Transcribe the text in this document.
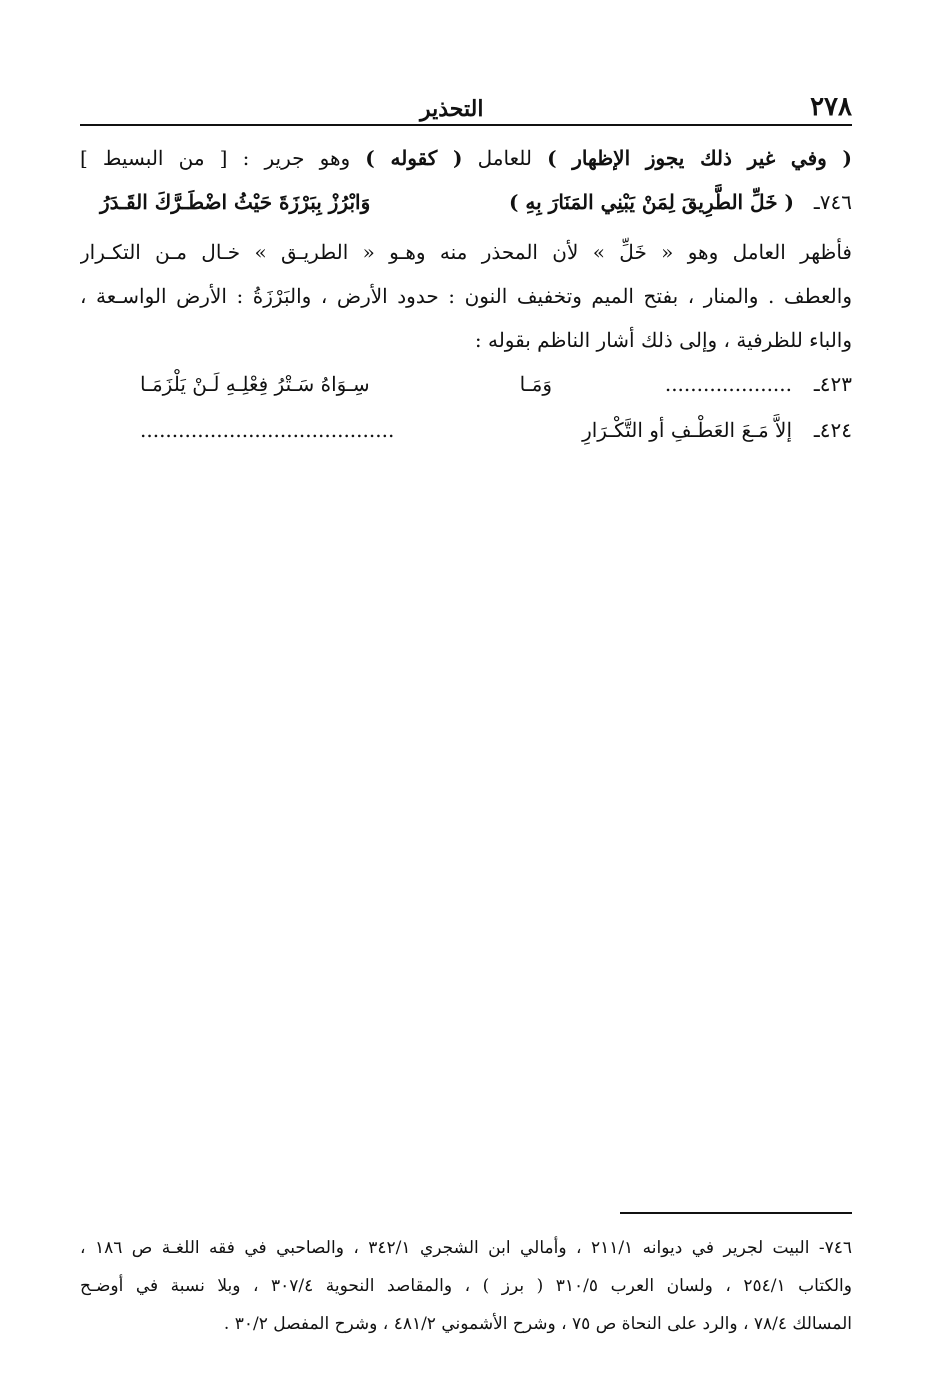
٢٧٨
التحذير
( وفي غير ذلك يجوز الإظهار ) للعامل ( كقوله ) وهو جرير : [ من البسيط ]
٧٤٦ـ
( خَلِّ الطَّرِيقَ لِمَنْ يَبْنِي المَنَارَ بِهِ )
وَابْرُزْ بِبَرْزَةَ حَيْثُ اضْطَـرَّكَ القَـدَرُ
فأظهر العامل وهو « خَلِّ » لأن المحذر منه وهـو « الطريـق » خـال مـن التكـرار
والعطف . والمنار ، بفتح الميم وتخفيف النون : حدود الأرض ، والبَرْزَةُ : الأرض الواسـعة ،
والباء للظرفية ، وإلى ذلك أشار الناظم بقوله :
٤٢٣ـ
....................
وَمَـا
سِـوَاهُ سَـتْرُ فِعْلِـهِ لَـنْ يَلْزَمَـا
٤٢٤ـ
إلاَّ مَـعَ العَطْـفِ أو التَّكْـرَارِ
........................................
٧٤٦- البيت لجرير في ديوانه ٢١١/١ ، وأمالي ابن الشجري ٣٤٢/١ ، والصاحبي في فقه اللغـة ص ١٨٦ ،
والكتاب ٢٥٤/١ ، ولسان العرب ٣١٠/٥ ( برز ) ، والمقاصد النحوية ٣٠٧/٤ ، وبلا نسبة في أوضـح
المسالك ٧٨/٤ ، والرد على النحاة ص ٧٥ ، وشرح الأشموني ٤٨١/٢ ، وشرح المفصل ٣٠/٢ .
